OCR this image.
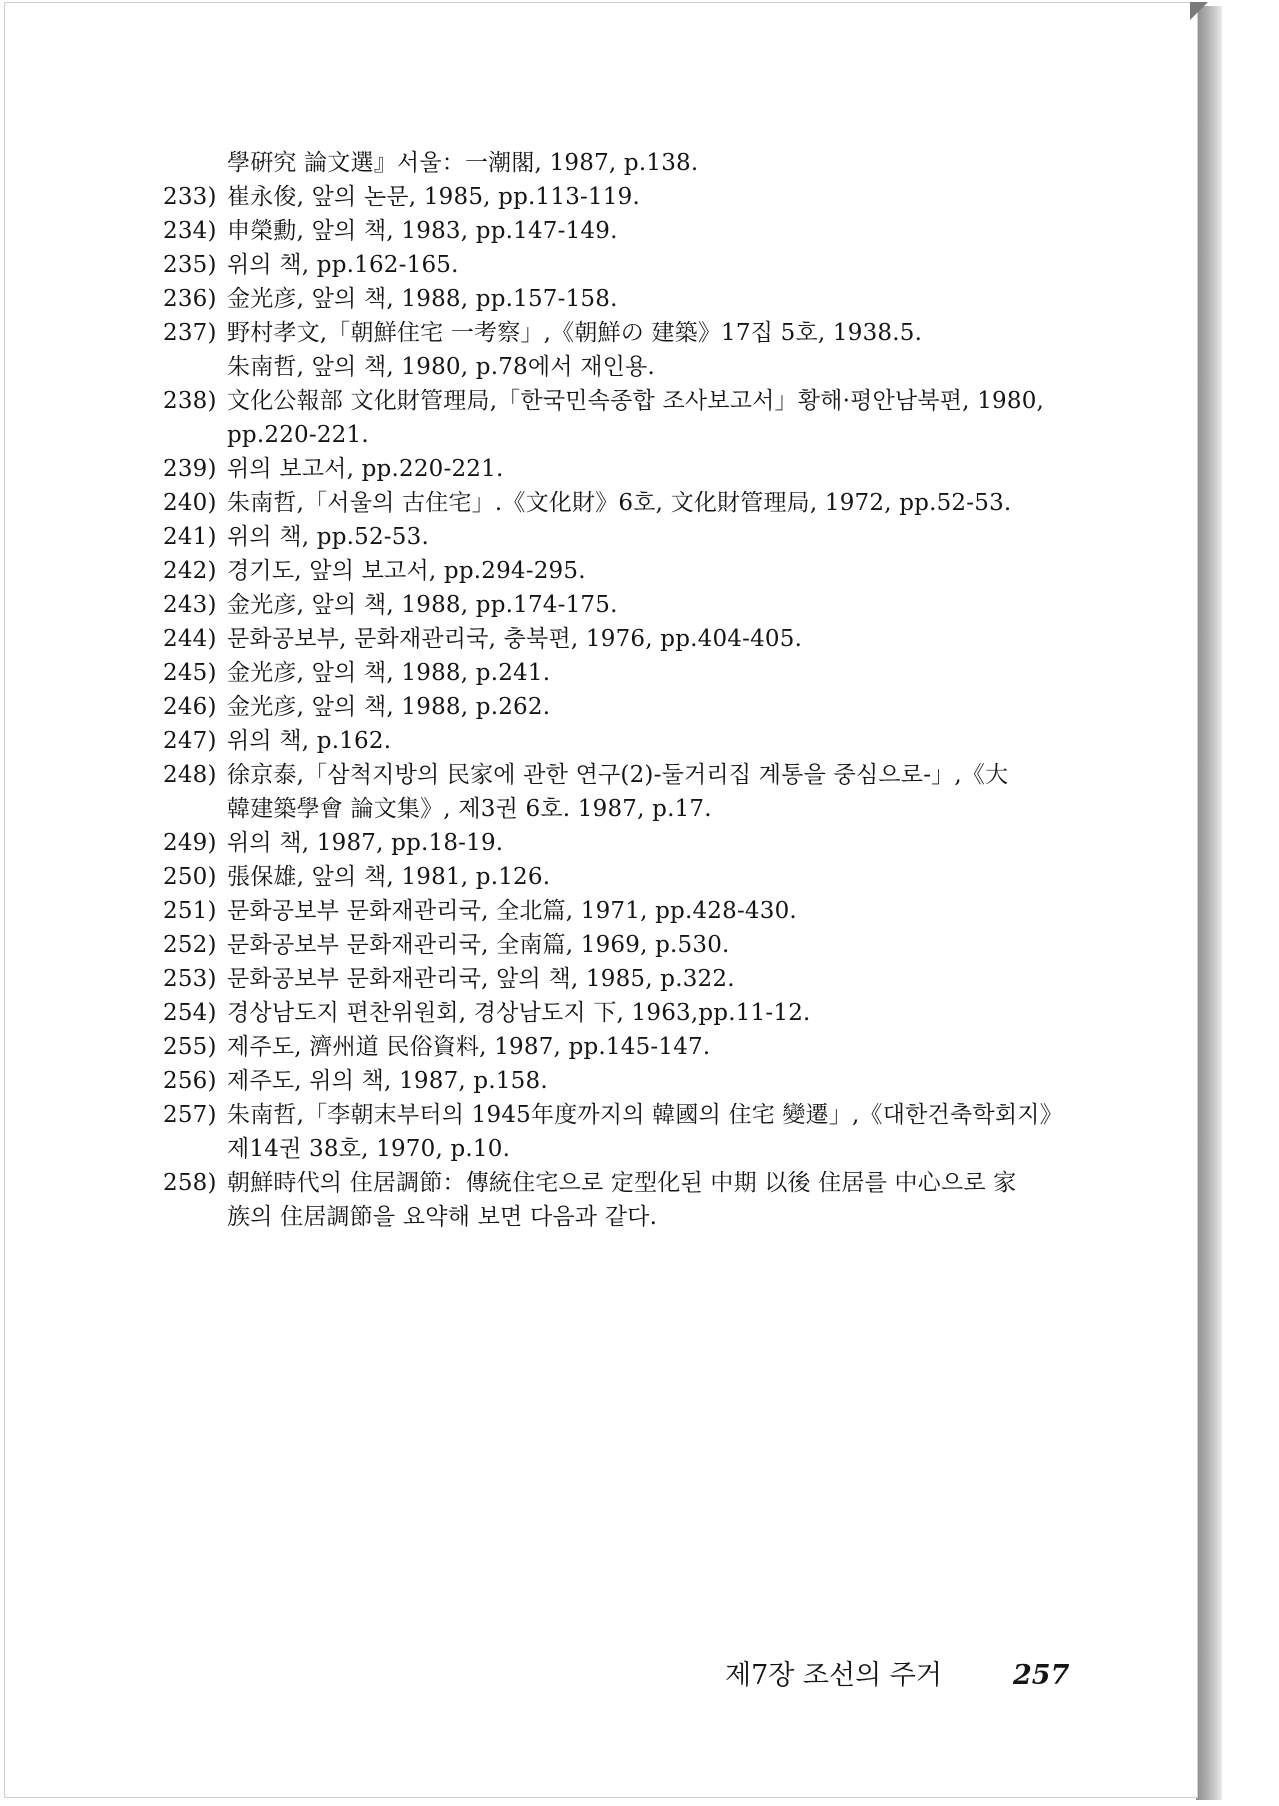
學硏究 論文選』서울：一潮閣, 1987, p.138.
233) 崔永俊, 앞의 논문, 1985, pp.113-119.
234) 申榮勳, 앞의 책, 1983, pp.147-149.
235) 위의 책, pp.162-165.
236) 金光彦, 앞의 책, 1988, pp.157-158.
237) 野村孝文,「朝鮮住宅 一考察」,《朝鮮の 建築》17집 5호, 1938.5.
朱南哲, 앞의 책, 1980, p.78에서 재인용.
238) 文化公報部 文化財管理局,「한국민속종합 조사보고서」황해·평안남북편, 1980,
pp.220-221.
239) 위의 보고서, pp.220-221.
240) 朱南哲,「서울의 古住宅」.《文化財》6호, 文化財管理局, 1972, pp.52-53.
241) 위의 책, pp.52-53.
242) 경기도, 앞의 보고서, pp.294-295.
243) 金光彦, 앞의 책, 1988, pp.174-175.
244) 문화공보부, 문화재관리국, 충북편, 1976, pp.404-405.
245) 金光彦, 앞의 책, 1988, p.241.
246) 金光彦, 앞의 책, 1988, p.262.
247) 위의 책, p.162.
248) 徐京泰,「삼척지방의 民家에 관한 연구(2)-둘거리집 계통을 중심으로-」,《大
韓建築學會 論文集》, 제3권 6호. 1987, p.17.
249) 위의 책, 1987, pp.18-19.
250) 張保雄, 앞의 책, 1981, p.126.
251) 문화공보부 문화재관리국, 全北篇, 1971, pp.428-430.
252) 문화공보부 문화재관리국, 全南篇, 1969, p.530.
253) 문화공보부 문화재관리국, 앞의 책, 1985, p.322.
254) 경상남도지 편찬위원회, 경상남도지 下, 1963,pp.11-12.
255) 제주도, 濟州道 民俗資料, 1987, pp.145-147.
256) 제주도, 위의 책, 1987, p.158.
257) 朱南哲,「李朝末부터의 1945年度까지의 韓國의 住宅 變遷」,《대한건축학회지》
제14권 38호, 1970, p.10.
258) 朝鮮時代의 住居調節：傳統住宅으로 定型化된 中期 以後 住居를 中心으로 家
族의 住居調節을 요약해 보면 다음과 같다.
제7장 조선의 주거	257
